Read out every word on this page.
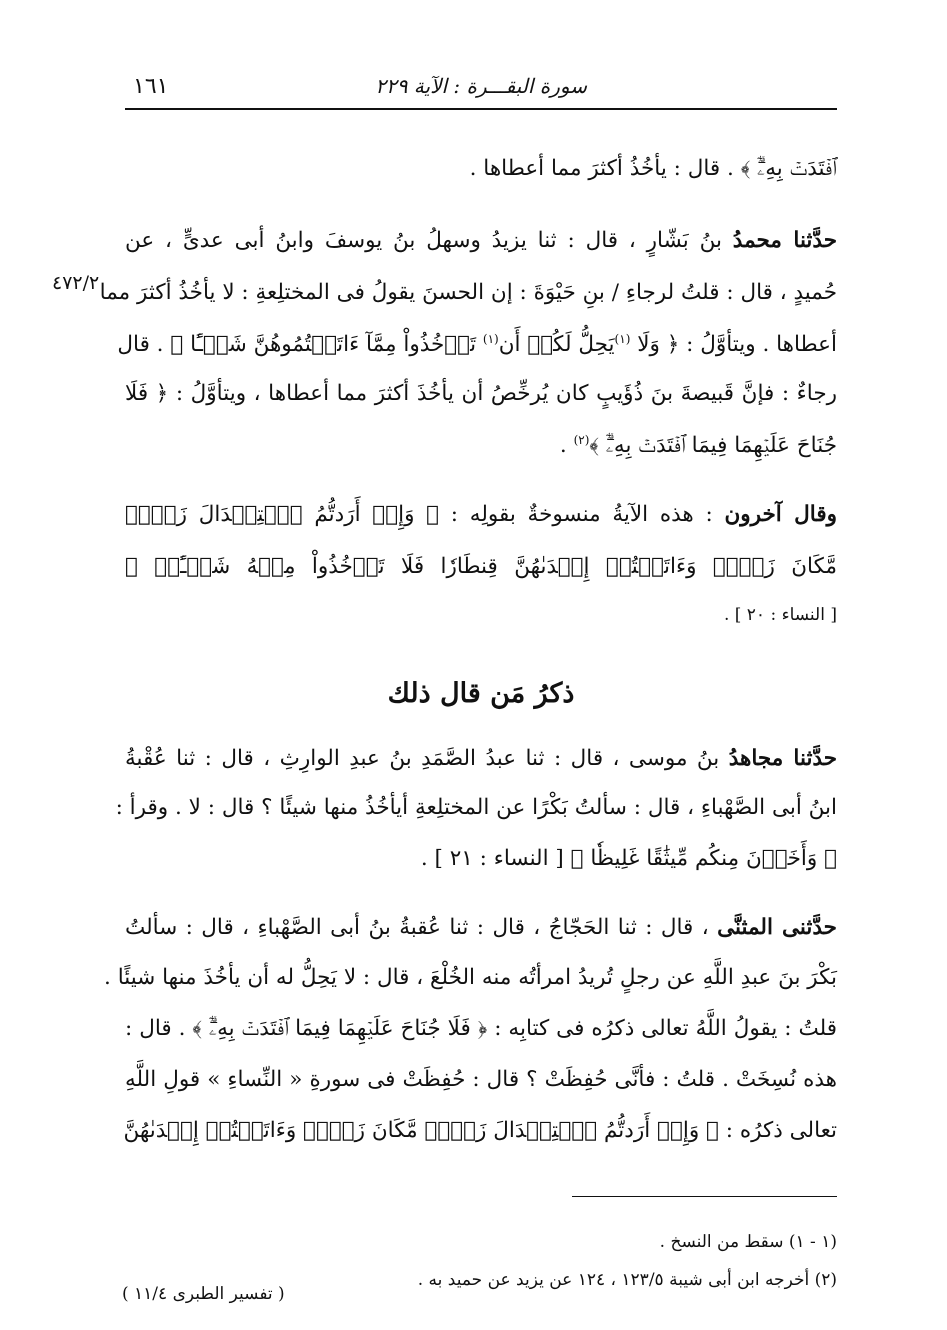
١٦١	سورة البقـــرة : الآية ٢٢٩
٤٧٢/٢
ﭐفۡتَدَتۡ بِهِۦٓۗ ﴾ . قال : يأخُذُ أكثرَ مما أعطاها .
حدَّثنا محمدُ بنُ بَشّارٍ ، قال : ثنا يزيدُ وسهلُ بنُ يوسفَ وابنُ أبى عدىٍّ ، عن
حُميدٍ ، قال : قلتُ لرجاءِ / بنِ حَيْوَةَ : إن الحسنَ يقولُ فى المختلِعةِ : لا يأخُذُ أكثرَ مما
أعطاها . ويتأوَّلُ : ﴿ وَلَا $^{(١)}$يَحِلُّ لَكُمۡ أَن$^{(١)}$ تَأۡخُذُواْ مِمَّآ ءَاتَيۡتُمُوهُنَّ شَيۡـًٔا ﴾ . قال
رجاءٌ : فإنَّ قَبيصةَ بنَ ذُؤَيبٍ كان يُرخِّصُ أن يأخُذَ أكثرَ مما أعطاها ، ويتأوَّلُ : ﴿ فَلَا
جُنَاحَ عَلَيۡهِمَا فِيمَا ٱفۡتَدَتۡ بِهِۦٓۗ ﴾$^{(٢)}$ .
وقال آخرون : هذه الآيةُ منسوخةٌ بقولِه : ﴿ وَإِنۡ أَرَدتُّمُ ٱسۡتِبۡدَالَ زَوۡجٖ
مَّكَانَ زَوۡجٖ وَءَاتَيۡتُمۡ إِحۡدَىٰهُنَّ قِنطَارٗا فَلَا تَأۡخُذُواْ مِنۡهُ شَيۡـًٔاۚ ﴾
[ النساء : ٢٠ ] .
حدَّثنا مجاهدُ بنُ موسى ، قال : ثنا عبدُ الصَّمَدِ بنُ عبدِ الوارِثِ ، قال : ثنا عُقْبةُ
ابنُ أبى الصَّهْباءِ ، قال : سألتُ بَكْرًا عن المختلِعةِ أيأخُذُ منها شيئًا ؟ قال : لا . وقرأ :
﴿ وَأَخَذۡنَ مِنكُم مِّيثَٰقًا غَلِيظٗا ﴾ [ النساء : ٢١ ] .
حدَّثنى المثنَّى ، قال : ثنا الحَجّاجُ ، قال : ثنا عُقبةُ بنُ أبى الصَّهْباءِ ، قال : سألتُ
بَكْرَ بنَ عبدِ اللَّهِ عن رجلٍ تُريدُ امرأتُه منه الخُلْعَ ، قال : لا يَحِلُّ له أن يأخُذَ منها شيئًا .
قلتُ : يقولُ اللَّهُ تعالى ذكرُه فى كتابِه : ﴿ فَلَا جُنَاحَ عَلَيۡهِمَا فِيمَا ٱفۡتَدَتۡ بِهِۦٓۗ ﴾ . قال :
هذه نُسِخَتْ . قلتُ : فأنَّى حُفِظَتْ ؟ قال : حُفِظَتْ فى سورةِ « النِّساءِ » قولِ اللَّهِ
تعالى ذكرُه : ﴿ وَإِنۡ أَرَدتُّمُ ٱسۡتِبۡدَالَ زَوۡجٖ مَّكَانَ زَوۡجٖ وَءَاتَيۡتُمۡ إِحۡدَىٰهُنَّ
ذكرُ مَن قال ذلك
(١ - ١) سقط من النسخ .
(٢) أخرجه ابن أبى شيبة ١٢٣/٥ ، ١٢٤ عن يزيد عن حميد به .
( تفسير الطبرى ١١/٤ )
